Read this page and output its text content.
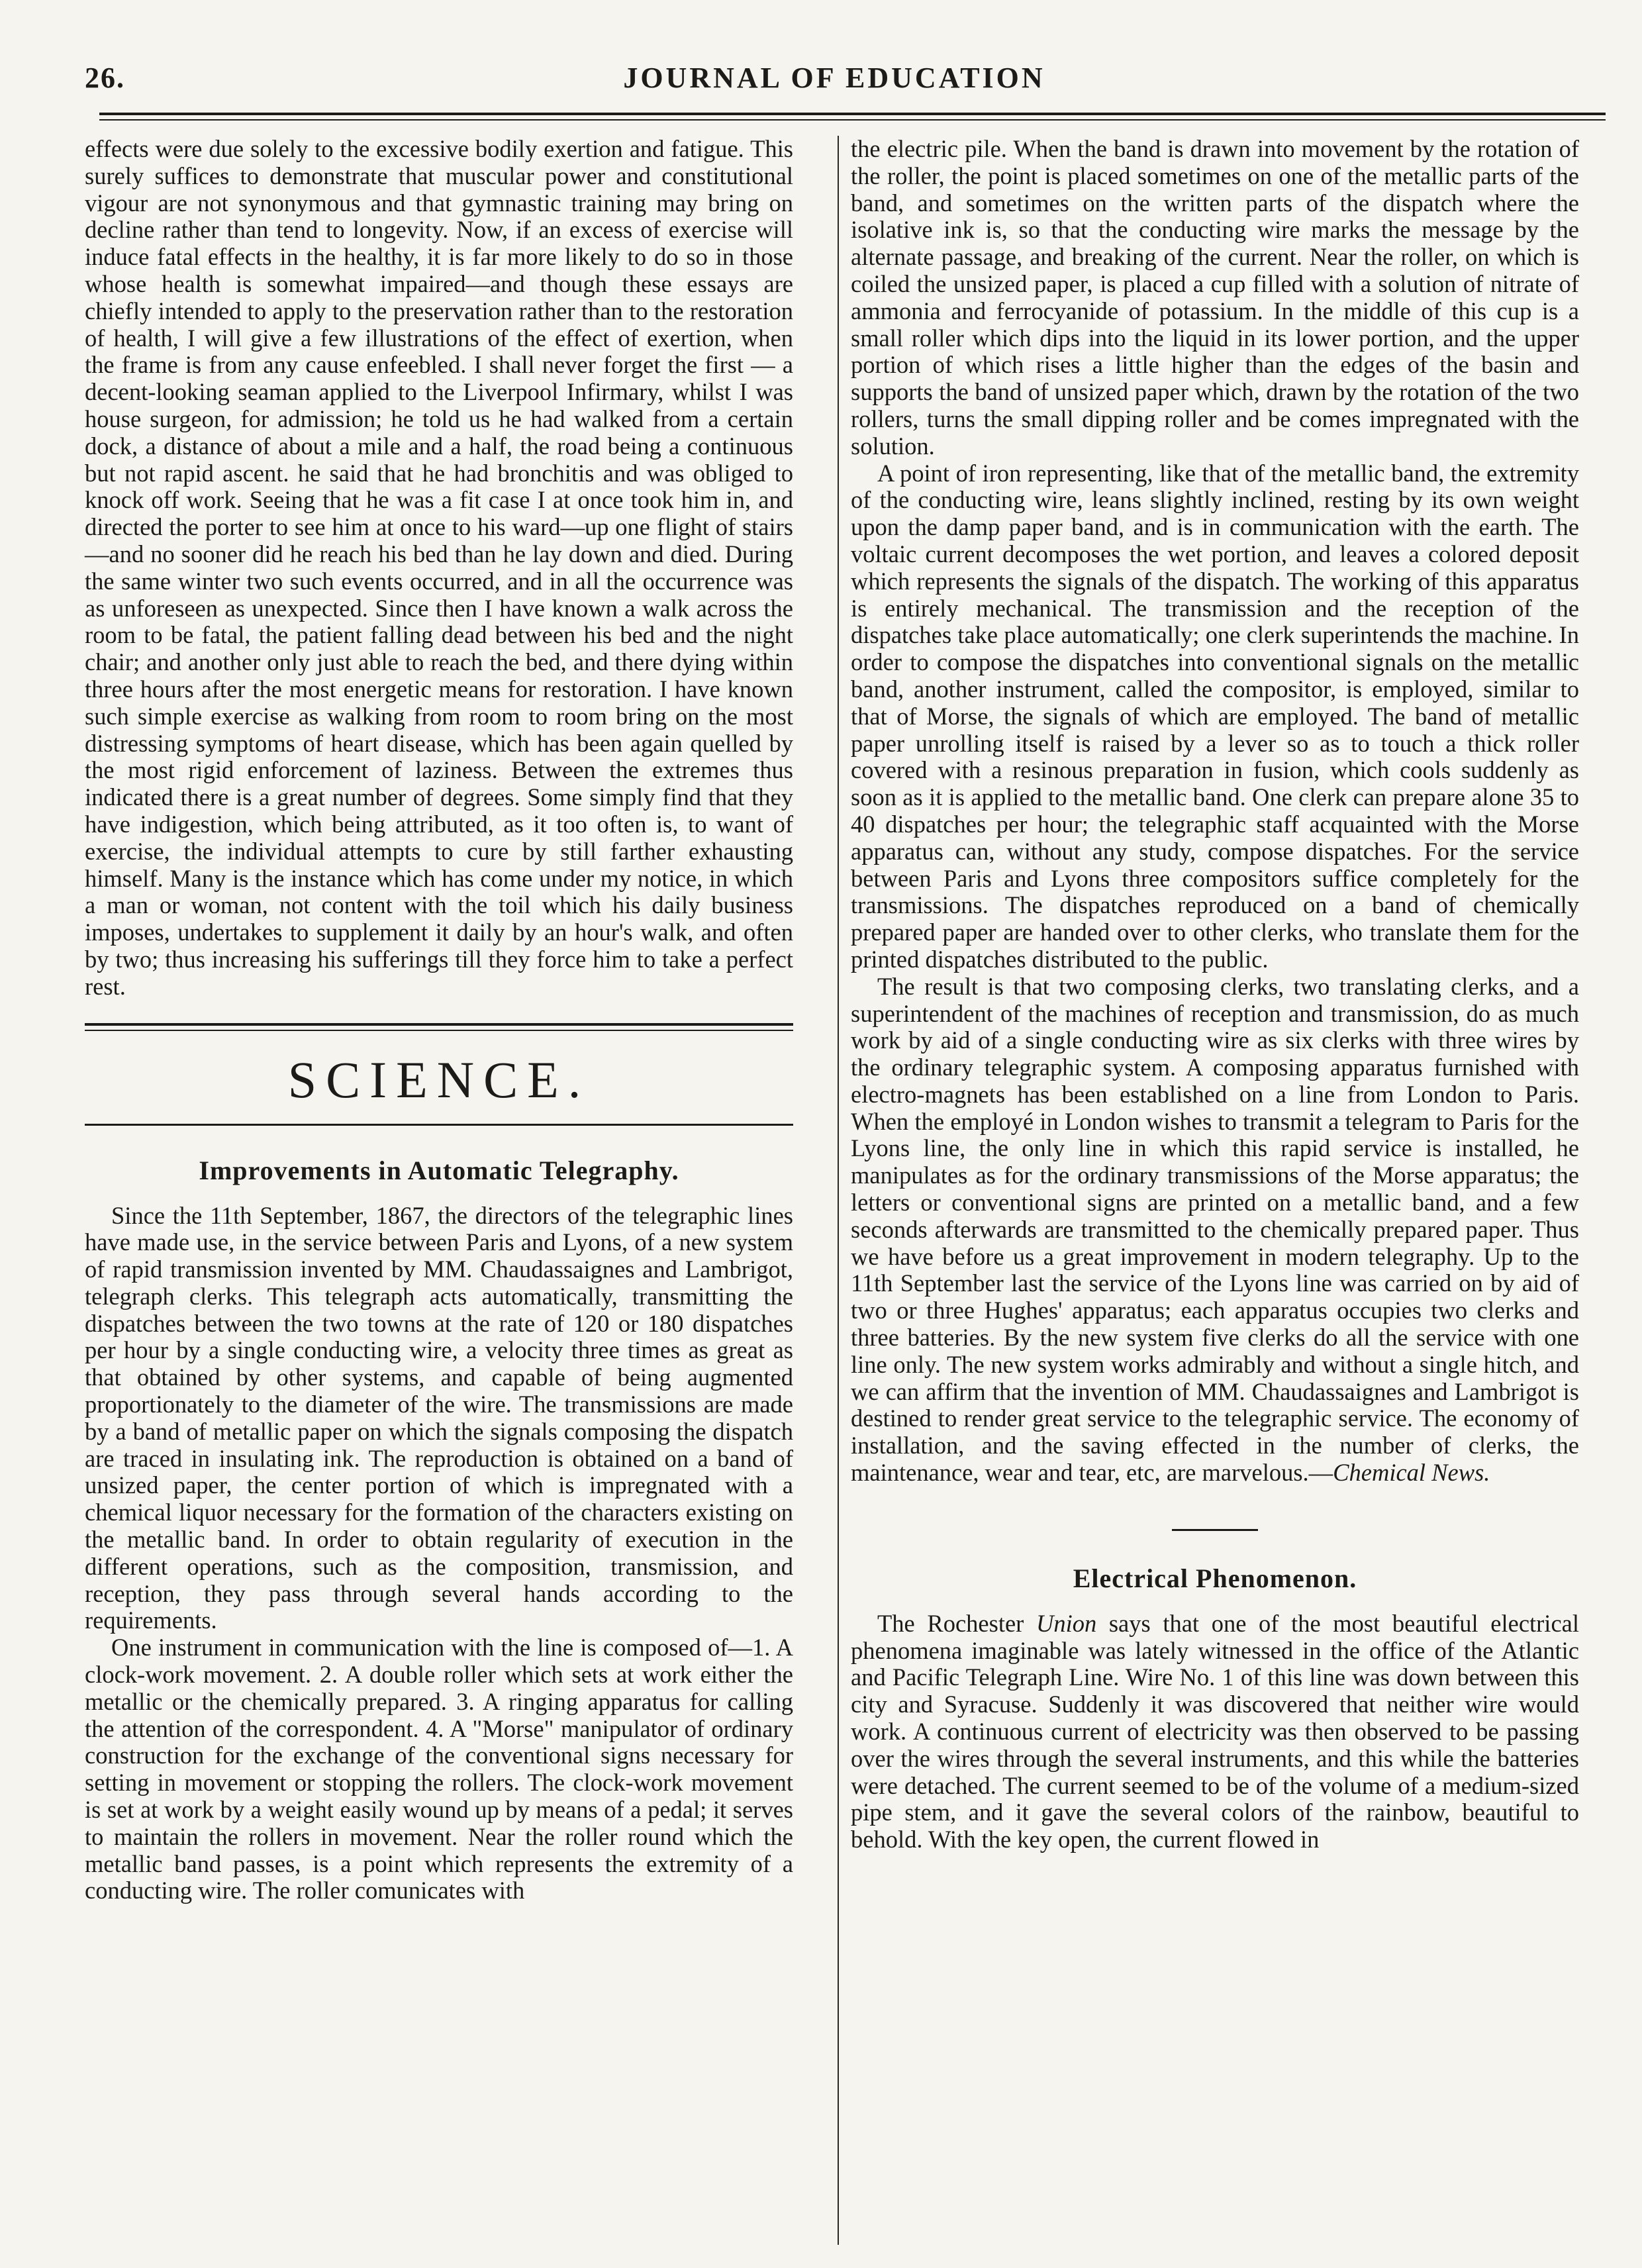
26.	JOURNAL OF EDUCATION

effects were due solely to the excessive bodily exertion and fatigue. This surely suffices to demonstrate that muscular power and constitutional vigour are not synonymous and that gymnastic training may bring on decline rather than tend to longevity. Now, if an excess of exercise will induce fatal effects in the healthy, it is far more likely to do so in those whose health is somewhat impaired—and though these essays are chiefly intended to apply to the preservation rather than to the restoration of health, I will give a few illustrations of the effect of exertion, when the frame is from any cause enfeebled. I shall never forget the first — a decent-looking seaman applied to the Liverpool Infirmary, whilst I was house surgeon, for admission; he told us he had walked from a certain dock, a distance of about a mile and a half, the road being a continuous but not rapid ascent. he said that he had bronchitis and was obliged to knock off work. Seeing that he was a fit case I at once took him in, and directed the porter to see him at once to his ward—up one flight of stairs—and no sooner did he reach his bed than he lay down and died. During the same winter two such events occurred, and in all the occurrence was as unforeseen as unexpected. Since then I have known a walk across the room to be fatal, the patient falling dead between his bed and the night chair; and another only just able to reach the bed, and there dying within three hours after the most energetic means for restoration. I have known such simple exercise as walking from room to room bring on the most distressing symptoms of heart disease, which has been again quelled by the most rigid enforcement of laziness. Between the extremes thus indicated there is a great number of degrees. Some simply find that they have indigestion, which being attributed, as it too often is, to want of exercise, the individual attempts to cure by still farther exhausting himself. Many is the instance which has come under my notice, in which a man or woman, not content with the toil which his daily business imposes, undertakes to supplement it daily by an hour's walk, and often by two; thus increasing his sufferings till they force him to take a perfect rest.

SCIENCE.
Improvements in Automatic Telegraphy.

Since the 11th September, 1867, the directors of the telegraphic lines have made use, in the service between Paris and Lyons, of a new system of rapid transmission invented by MM. Chaudassaignes and Lambrigot, telegraph clerks. This telegraph acts automatically, transmitting the dispatches between the two towns at the rate of 120 or 180 dispatches per hour by a single conducting wire, a velocity three times as great as that obtained by other systems, and capable of being augmented proportionately to the diameter of the wire. The transmissions are made by a band of metallic paper on which the signals composing the dispatch are traced in insulating ink. The reproduction is obtained on a band of unsized paper, the center portion of which is impregnated with a chemical liquor necessary for the formation of the characters existing on the metallic band. In order to obtain regularity of execution in the different operations, such as the composition, transmission, and reception, they pass through several hands according to the requirements.

One instrument in communication with the line is composed of—1. A clock-work movement. 2. A double roller which sets at work either the metallic or the chemically prepared. 3. A ringing apparatus for calling the attention of the correspondent. 4. A "Morse" manipulator of ordinary construction for the exchange of the conventional signs necessary for setting in movement or stopping the rollers. The clock-work movement is set at work by a weight easily wound up by means of a pedal; it serves to maintain the rollers in movement. Near the roller round which the metallic band passes, is a point which represents the extremity of a conducting wire. The roller comunicates with

the electric pile. When the band is drawn into movement by the rotation of the roller, the point is placed sometimes on one of the metallic parts of the band, and sometimes on the written parts of the dispatch where the isolative ink is, so that the conducting wire marks the message by the alternate passage, and breaking of the current. Near the roller, on which is coiled the unsized paper, is placed a cup filled with a solution of nitrate of ammonia and ferrocyanide of potassium. In the middle of this cup is a small roller which dips into the liquid in its lower portion, and the upper portion of which rises a little higher than the edges of the basin and supports the band of unsized paper which, drawn by the rotation of the two rollers, turns the small dipping roller and be comes impregnated with the solution.

A point of iron representing, like that of the metallic band, the extremity of the conducting wire, leans slightly inclined, resting by its own weight upon the damp paper band, and is in communication with the earth. The voltaic current decomposes the wet portion, and leaves a colored deposit which represents the signals of the dispatch. The working of this apparatus is entirely mechanical. The transmission and the reception of the dispatches take place automatically; one clerk superintends the machine. In order to compose the dispatches into conventional signals on the metallic band, another instrument, called the compositor, is employed, similar to that of Morse, the signals of which are employed. The band of metallic paper unrolling itself is raised by a lever so as to touch a thick roller covered with a resinous preparation in fusion, which cools suddenly as soon as it is applied to the metallic band. One clerk can prepare alone 35 to 40 dispatches per hour; the telegraphic staff acquainted with the Morse apparatus can, without any study, compose dispatches. For the service between Paris and Lyons three compositors suffice completely for the transmissions. The dispatches reproduced on a band of chemically prepared paper are handed over to other clerks, who translate them for the printed dispatches distributed to the public.

The result is that two composing clerks, two translating clerks, and a superintendent of the machines of reception and transmission, do as much work by aid of a single conducting wire as six clerks with three wires by the ordinary telegraphic system. A composing apparatus furnished with electro-magnets has been established on a line from London to Paris. When the employé in London wishes to transmit a telegram to Paris for the Lyons line, the only line in which this rapid service is installed, he manipulates as for the ordinary transmissions of the Morse apparatus; the letters or conventional signs are printed on a metallic band, and a few seconds afterwards are transmitted to the chemically prepared paper. Thus we have before us a great improvement in modern telegraphy. Up to the 11th September last the service of the Lyons line was carried on by aid of two or three Hughes' apparatus; each apparatus occupies two clerks and three batteries. By the new system five clerks do all the service with one line only. The new system works admirably and without a single hitch, and we can affirm that the invention of MM. Chaudassaignes and Lambrigot is destined to render great service to the telegraphic service. The economy of installation, and the saving effected in the number of clerks, the maintenance, wear and tear, etc, are marvelous.—Chemical News.

Electrical Phenomenon.

The Rochester Union says that one of the most beautiful electrical phenomena imaginable was lately witnessed in the office of the Atlantic and Pacific Telegraph Line. Wire No. 1 of this line was down between this city and Syracuse. Suddenly it was discovered that neither wire would work. A continuous current of electricity was then observed to be passing over the wires through the several instruments, and this while the batteries were detached. The current seemed to be of the volume of a medium-sized pipe stem, and it gave the several colors of the rainbow, beautiful to behold. With the key open, the current flowed in
